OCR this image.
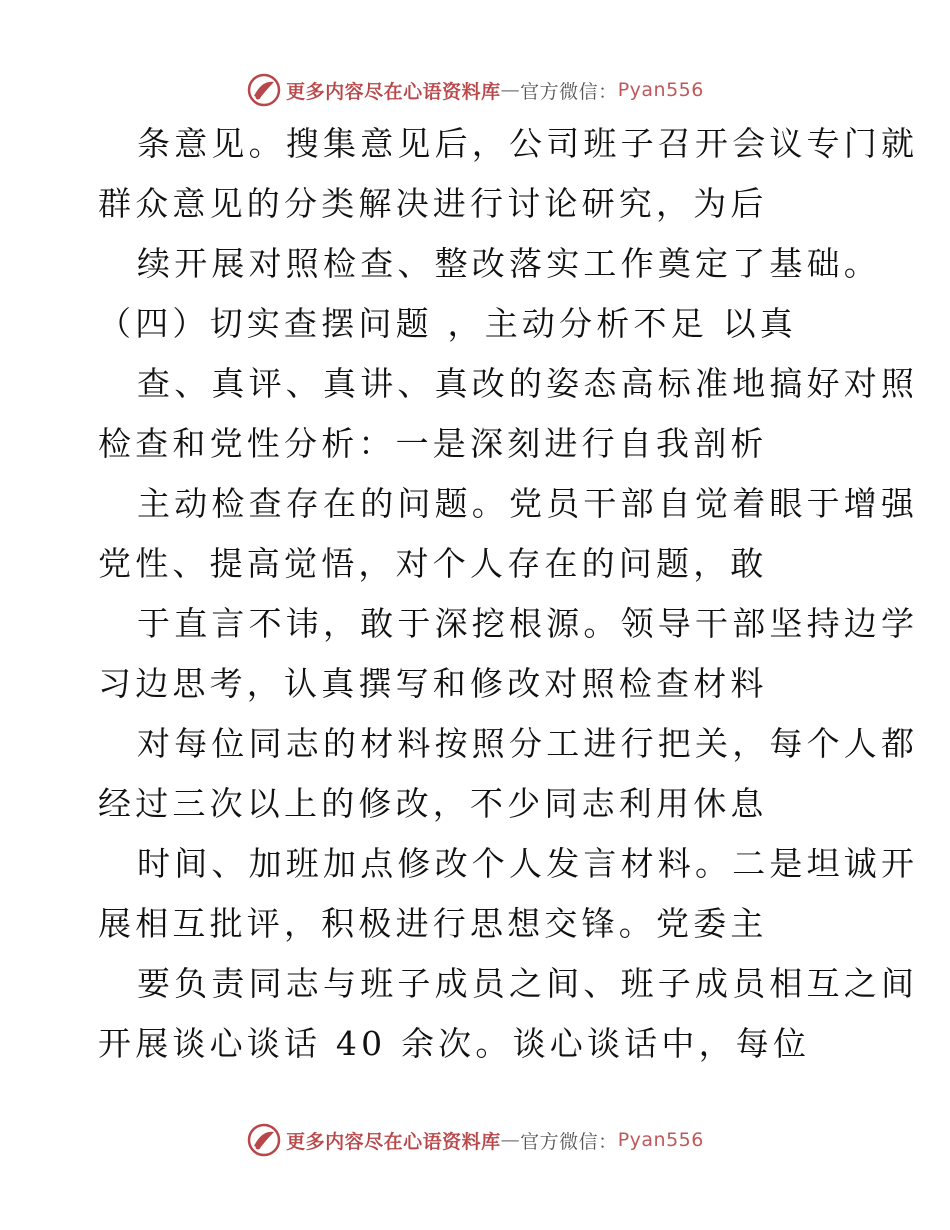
更多内容尽在心语资料库 — 官方微信： Pyan556
条意见。搜集意见后，公司班子召开会议专门就
群众意见的分类解决进行讨论研究，为后
续开展对照检查、整改落实工作奠定了基础。
（四）切实查摆问题 ，主动分析不足 以真
查、真评、真讲、真改的姿态高标准地搞好对照
检查和党性分析：一是深刻进行自我剖析
主动检查存在的问题。党员干部自觉着眼于增强
党性、提高觉悟，对个人存在的问题，敢
于直言不讳，敢于深挖根源。领导干部坚持边学
习边思考，认真撰写和修改对照检查材料
对每位同志的材料按照分工进行把关，每个人都
经过三次以上的修改，不少同志利用休息
时间、加班加点修改个人发言材料。二是坦诚开
展相互批评，积极进行思想交锋。党委主
要负责同志与班子成员之间、班子成员相互之间
开展谈心谈话 40 余次。谈心谈话中，每位
更多内容尽在心语资料库 — 官方微信： Pyan556
